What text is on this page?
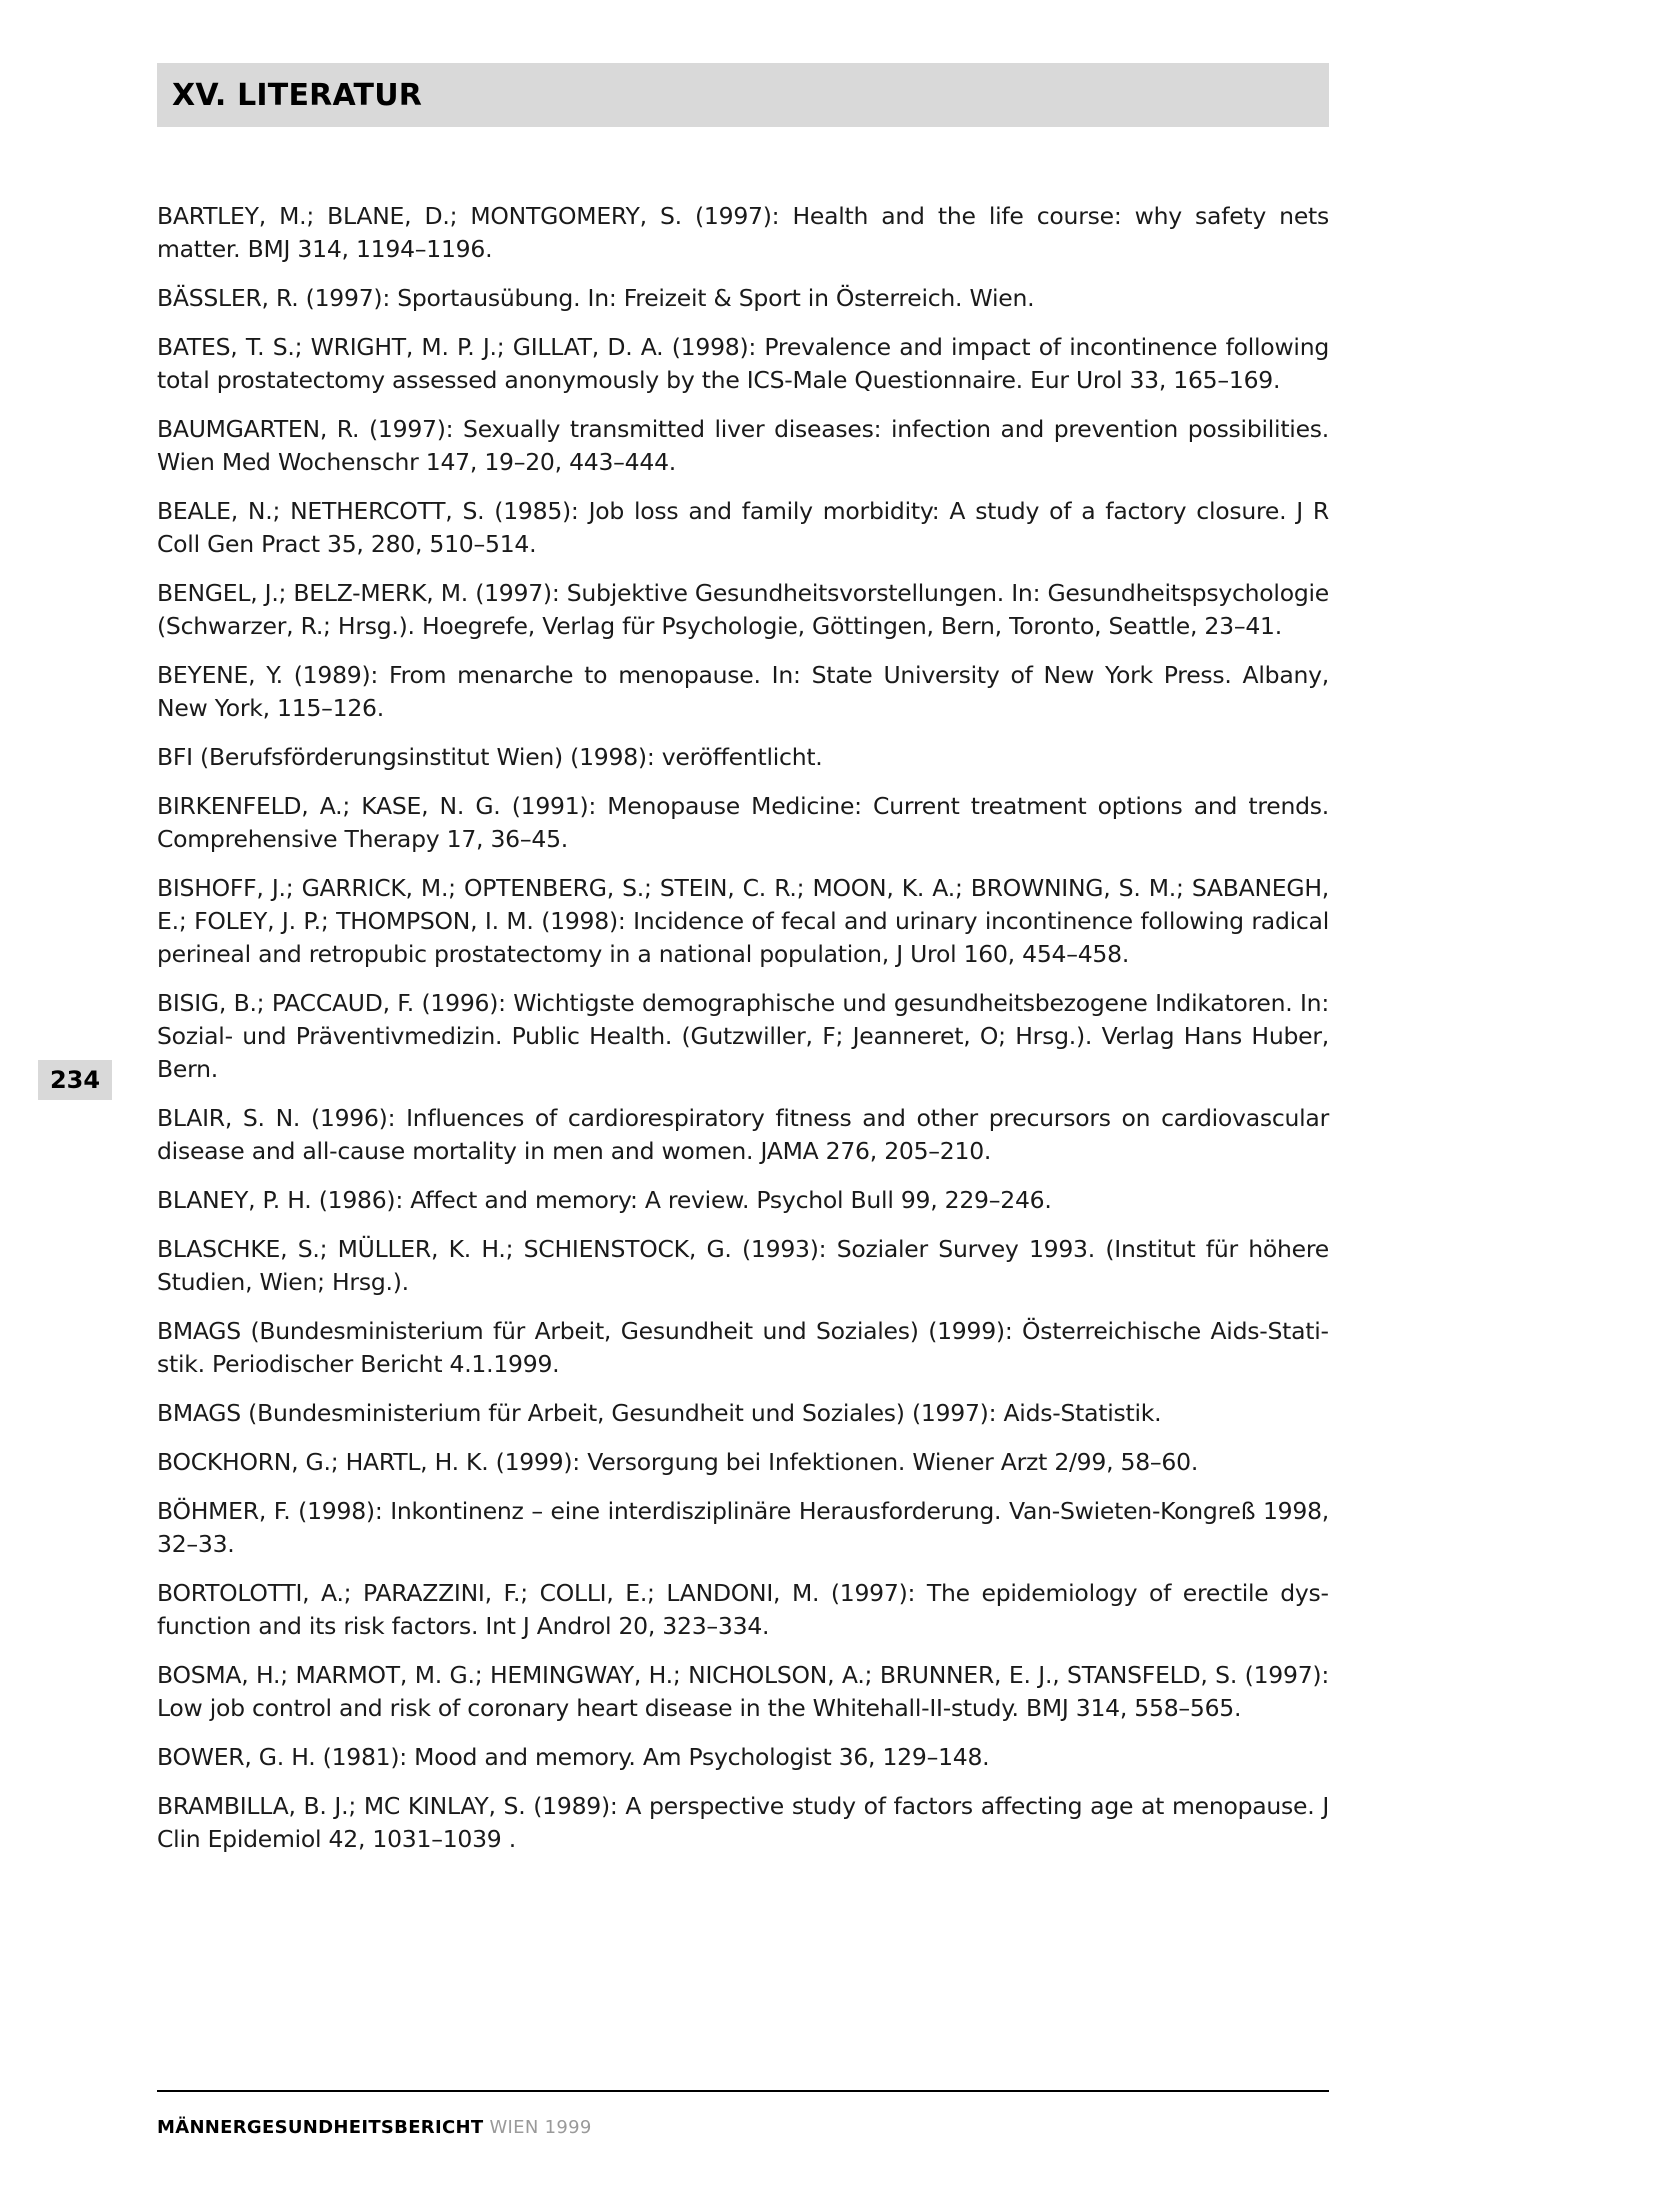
XV. LITERATUR
234
BARTLEY, M.; BLANE, D.; MONTGOMERY, S. (1997): Health and the life course: why safety nets matter. BMJ 314, 1194–1196.
BÄSSLER, R. (1997): Sportausübung. In: Freizeit & Sport in Österreich. Wien.
BATES, T. S.; WRIGHT, M. P. J.; GILLAT, D. A. (1998): Prevalence and impact of incontinence following total prostatectomy assessed anonymously by the ICS-Male Questionnaire. Eur Urol 33, 165–169.
BAUMGARTEN, R. (1997): Sexually transmitted liver diseases: infection and prevention possibilities. Wien Med Wochenschr 147, 19–20, 443–444.
BEALE, N.; NETHERCOTT, S. (1985): Job loss and family morbidity: A study of a factory closure. J R Coll Gen Pract 35, 280, 510–514.
BENGEL, J.; BELZ-MERK, M. (1997): Subjektive Gesundheitsvorstellungen. In: Gesundheitspsychologie (Schwarzer, R.; Hrsg.). Hoegrefe, Verlag für Psychologie, Göttingen, Bern, Toronto, Seattle, 23–41.
BEYENE, Y. (1989): From menarche to menopause. In: State University of New York Press. Albany, New York, 115–126.
BFI (Berufsförderungsinstitut Wien) (1998): veröffentlicht.
BIRKENFELD, A.; KASE, N. G. (1991): Menopause Medicine: Current treatment options and trends. Comprehensive Therapy 17, 36–45.
BISHOFF, J.; GARRICK, M.; OPTENBERG, S.; STEIN, C. R.; MOON, K. A.; BROWNING, S. M.; SABANEGH, E.; FOLEY, J. P.; THOMPSON, I. M. (1998): Incidence of fecal and urinary incontinence following radical perineal and retropubic prostatectomy in a national population, J Urol 160, 454–458.
BISIG, B.; PACCAUD, F. (1996): Wichtigste demographische und gesundheitsbezogene Indikatoren. In: Sozial- und Präventivmedizin. Public Health. (Gutzwiller, F; Jeanneret, O; Hrsg.). Verlag Hans Huber, Bern.
BLAIR, S. N. (1996): Influences of cardiorespiratory fitness and other precursors on cardiovascular disease and all-cause mortality in men and women. JAMA 276, 205–210.
BLANEY, P. H. (1986): Affect and memory: A review. Psychol Bull 99, 229–246.
BLASCHKE, S.; MÜLLER, K. H.; SCHIENSTOCK, G. (1993): Sozialer Survey 1993. (Institut für höhere Studien, Wien; Hrsg.).
BMAGS (Bundesministerium für Arbeit, Gesundheit und Soziales) (1999): Österreichische Aids-Statistik. Periodischer Bericht 4.1.1999.
BMAGS (Bundesministerium für Arbeit, Gesundheit und Soziales) (1997): Aids-Statistik.
BOCKHORN, G.; HARTL, H. K. (1999): Versorgung bei Infektionen. Wiener Arzt 2/99, 58–60.
BÖHMER, F. (1998): Inkontinenz – eine interdisziplinäre Herausforderung. Van-Swieten-Kongreß 1998, 32–33.
BORTOLOTTI, A.; PARAZZINI, F.; COLLI, E.; LANDONI, M. (1997): The epidemiology of erectile dysfunction and its risk factors. Int J Androl 20, 323–334.
BOSMA, H.; MARMOT, M. G.; HEMINGWAY, H.; NICHOLSON, A.; BRUNNER, E. J., STANSFELD, S. (1997): Low job control and risk of coronary heart disease in the Whitehall-II-study. BMJ 314, 558–565.
BOWER, G. H. (1981): Mood and memory. Am Psychologist 36, 129–148.
BRAMBILLA, B. J.; MC KINLAY, S. (1989): A perspective study of factors affecting age at menopause. J Clin Epidemiol 42, 1031–1039 .
MÄNNERGESUNDHEITSBERICHT WIEN 1999
